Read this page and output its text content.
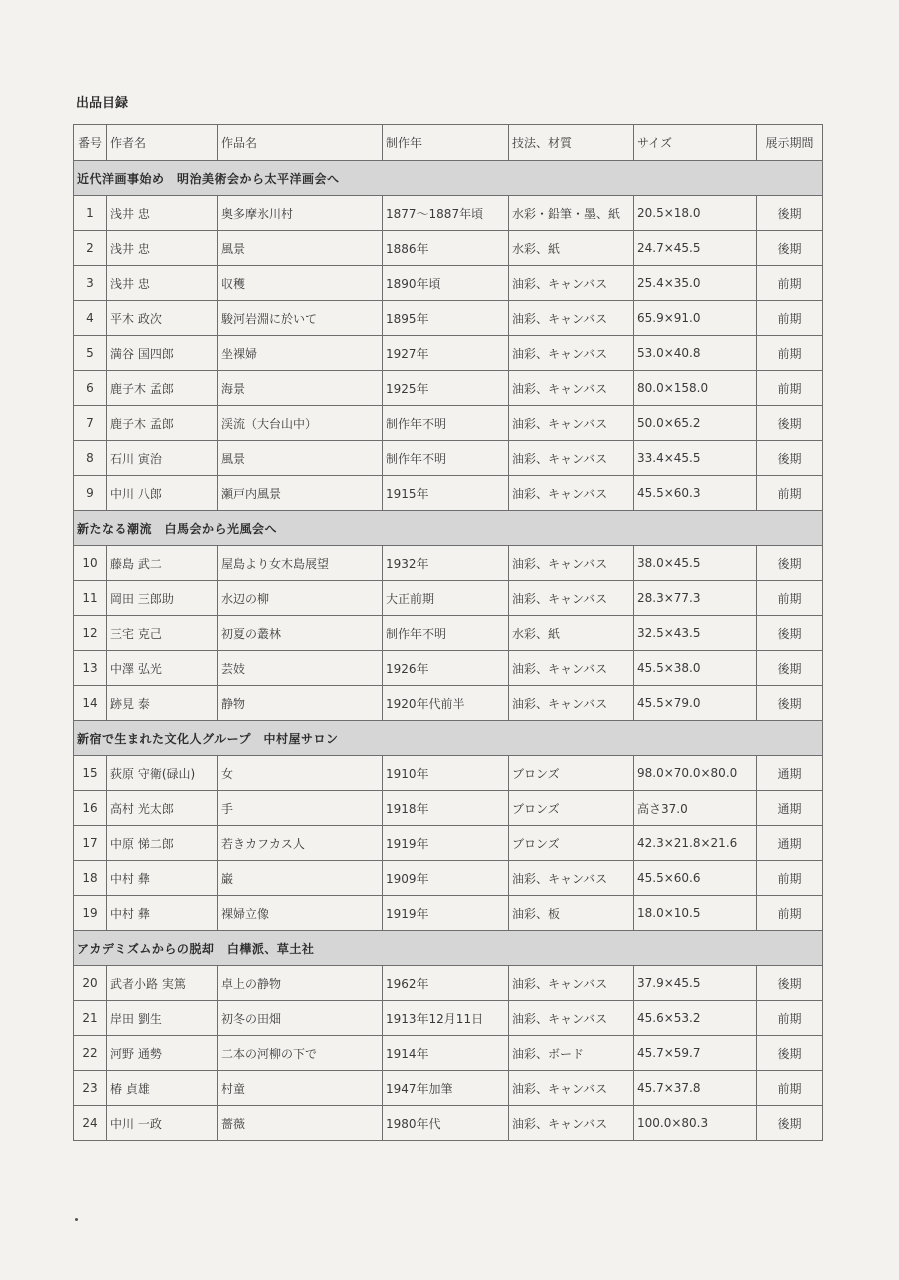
出品目録
番号	作者名	作品名	制作年	技法、材質	サイズ	展示期間
近代洋画事始め　明治美術会から太平洋画会へ						
1	浅井 忠	奥多摩氷川村	1877〜1887年頃	水彩・鉛筆・墨、紙	20.5×18.0	後期
2	浅井 忠	風景	1886年	水彩、紙	24.7×45.5	後期
3	浅井 忠	収穫	1890年頃	油彩、キャンバス	25.4×35.0	前期
4	平木 政次	駿河岩淵に於いて	1895年	油彩、キャンバス	65.9×91.0	前期
5	満谷 国四郎	坐裸婦	1927年	油彩、キャンバス	53.0×40.8	前期
6	鹿子木 孟郎	海景	1925年	油彩、キャンバス	80.0×158.0	前期
7	鹿子木 孟郎	渓流（大台山中）	制作年不明	油彩、キャンバス	50.0×65.2	後期
8	石川 寅治	風景	制作年不明	油彩、キャンバス	33.4×45.5	後期
9	中川 八郎	瀬戸内風景	1915年	油彩、キャンバス	45.5×60.3	前期
新たなる潮流　白馬会から光風会へ						
10	藤島 武二	屋島より女木島展望	1932年	油彩、キャンバス	38.0×45.5	後期
11	岡田 三郎助	水辺の柳	大正前期	油彩、キャンバス	28.3×77.3	前期
12	三宅 克己	初夏の叢林	制作年不明	水彩、紙	32.5×43.5	後期
13	中澤 弘光	芸妓	1926年	油彩、キャンバス	45.5×38.0	後期
14	跡見 泰	静物	1920年代前半	油彩、キャンバス	45.5×79.0	後期
新宿で生まれた文化人グループ　中村屋サロン						
15	荻原 守衛(碌山)	女	1910年	ブロンズ	98.0×70.0×80.0	通期
16	高村 光太郎	手	1918年	ブロンズ	高さ37.0	通期
17	中原 悌二郎	若きカフカス人	1919年	ブロンズ	42.3×21.8×21.6	通期
18	中村 彝	巌	1909年	油彩、キャンバス	45.5×60.6	前期
19	中村 彝	裸婦立像	1919年	油彩、板	18.0×10.5	前期
アカデミズムからの脱却　白樺派、草土社						
20	武者小路 実篤	卓上の静物	1962年	油彩、キャンバス	37.9×45.5	後期
21	岸田 劉生	初冬の田畑	1913年12月11日	油彩、キャンバス	45.6×53.2	前期
22	河野 通勢	二本の河柳の下で	1914年	油彩、ボード	45.7×59.7	後期
23	椿 貞雄	村童	1947年加筆	油彩、キャンバス	45.7×37.8	前期
24	中川 一政	薔薇	1980年代	油彩、キャンバス	100.0×80.3	後期
